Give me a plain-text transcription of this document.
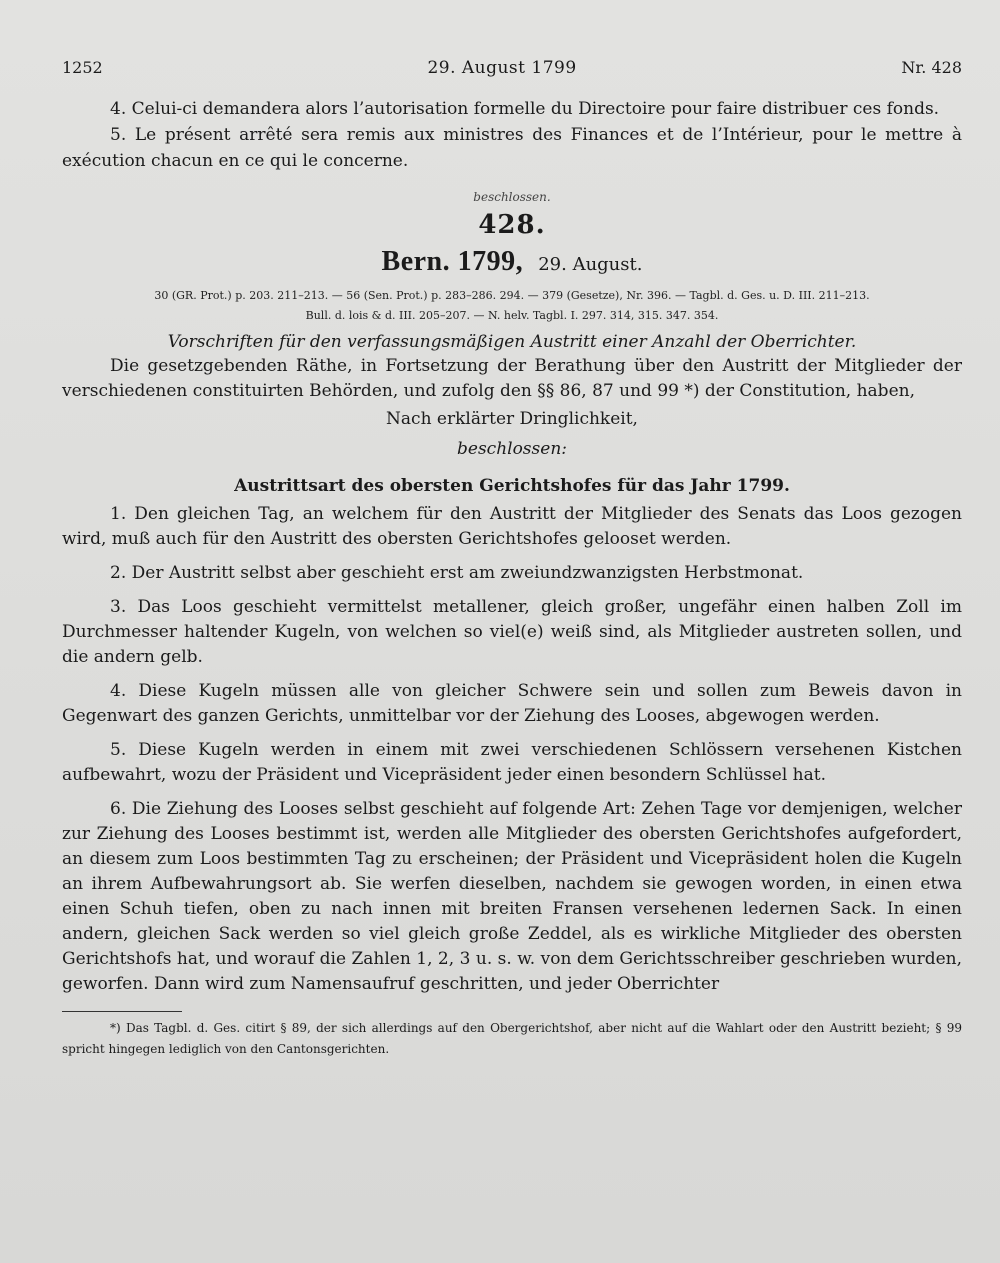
1252	29. August 1799	Nr. 428

4. Celui-ci demandera alors l’autorisation formelle du Directoire pour faire distribuer ces fonds.

5. Le présent arrêté sera remis aux ministres des Finances et de l’Intérieur, pour le mettre à exécution chacun en ce qui le concerne.

beschlossen.

428.
Bern. 1799, 29. August.
30 (GR. Prot.) p. 203. 211–213. — 56 (Sen. Prot.) p. 283–286. 294. — 379 (Gesetze), Nr. 396. — Tagbl. d. Ges. u. D. III. 211–213.
Bull. d. lois & d. III. 205–207. — N. helv. Tagbl. I. 297. 314, 315. 347. 354.

Vorschriften für den verfassungsmäßigen Austritt einer Anzahl der Oberrichter.

Die gesetzgebenden Räthe, in Fortsetzung der Berathung über den Austritt der Mitglieder der verschiedenen constituirten Behörden, und zufolg den §§ 86, 87 und 99 *) der Constitution, haben,

Nach erklärter Dringlichkeit,

beschlossen:

Austrittsart des obersten Gerichtshofes für das Jahr 1799.

1. Den gleichen Tag, an welchem für den Austritt der Mitglieder des Senats das Loos gezogen wird, muß auch für den Austritt des obersten Gerichtshofes gelooset werden.

2. Der Austritt selbst aber geschieht erst am zweiundzwanzigsten Herbstmonat.

3. Das Loos geschieht vermittelst metallener, gleich großer, ungefähr einen halben Zoll im Durchmesser haltender Kugeln, von welchen so viel(e) weiß sind, als Mitglieder austreten sollen, und die andern gelb.

4. Diese Kugeln müssen alle von gleicher Schwere sein und sollen zum Beweis davon in Gegenwart des ganzen Gerichts, unmittelbar vor der Ziehung des Looses, abgewogen werden.

5. Diese Kugeln werden in einem mit zwei verschiedenen Schlössern versehenen Kistchen aufbewahrt, wozu der Präsident und Vicepräsident jeder einen besondern Schlüssel hat.

6. Die Ziehung des Looses selbst geschieht auf folgende Art: Zehen Tage vor demjenigen, welcher zur Ziehung des Looses bestimmt ist, werden alle Mitglieder des obersten Gerichtshofes aufgefordert, an diesem zum Loos bestimmten Tag zu erscheinen; der Präsident und Vicepräsident holen die Kugeln an ihrem Aufbewahrungsort ab. Sie werfen dieselben, nachdem sie gewogen worden, in einen etwa einen Schuh tiefen, oben zu nach innen mit breiten Fransen versehenen ledernen Sack. In einen andern, gleichen Sack werden so viel gleich große Zeddel, als es wirkliche Mitglieder des obersten Gerichtshofs hat, und worauf die Zahlen 1, 2, 3 u. s. w. von dem Gerichtsschreiber geschrieben wurden, geworfen. Dann wird zum Namensaufruf geschritten, und jeder Oberrichter

*) Das Tagbl. d. Ges. citirt § 89, der sich allerdings auf den Obergerichtshof, aber nicht auf die Wahlart oder den Austritt bezieht; § 99 spricht hingegen lediglich von den Cantonsgerichten.
